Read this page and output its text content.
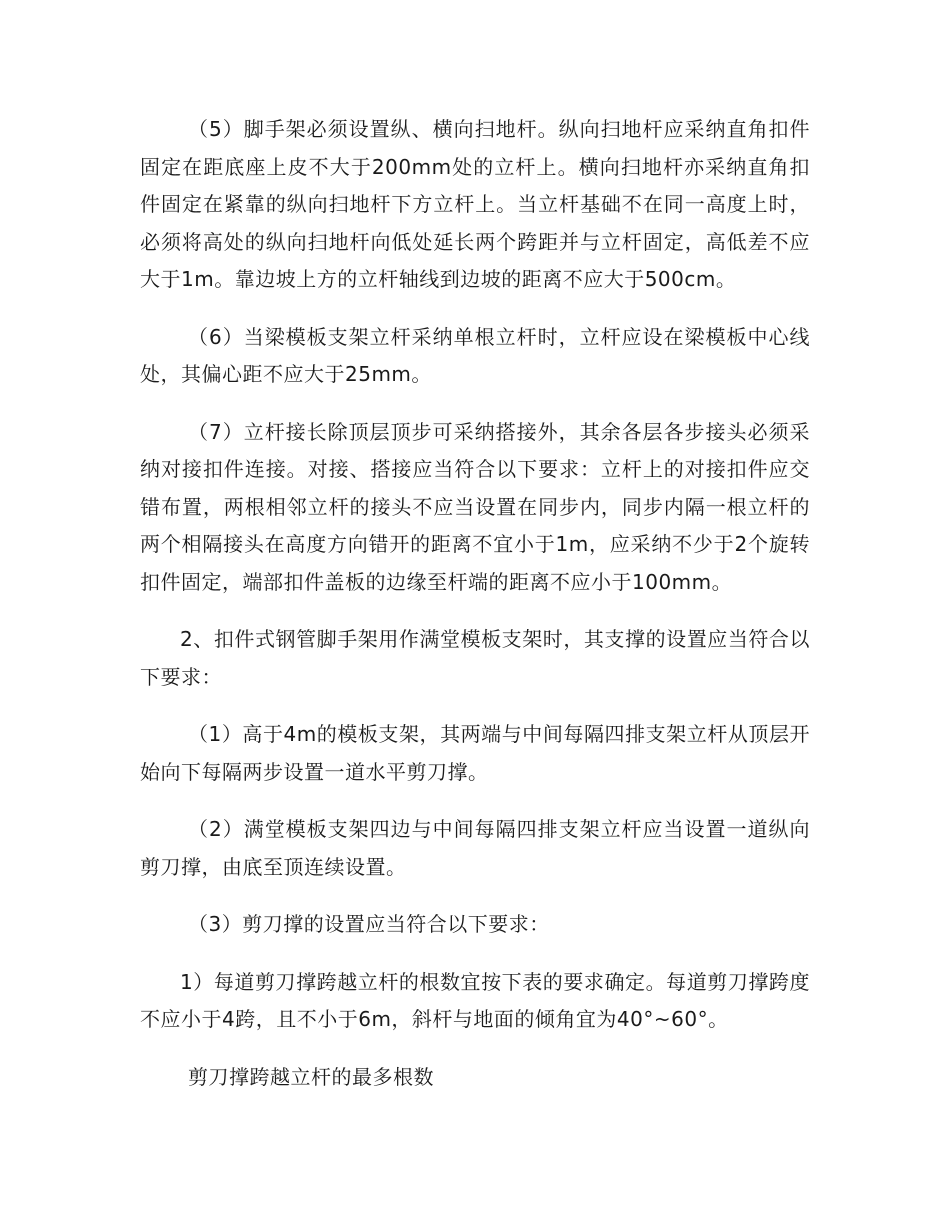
（5）脚手架必须设置纵、横向扫地杆。纵向扫地杆应采纳直角扣件固定在距底座上皮不大于200mm处的立杆上。横向扫地杆亦采纳直角扣件固定在紧靠的纵向扫地杆下方立杆上。当立杆基础不在同一高度上时，必须将高处的纵向扫地杆向低处延长两个跨距并与立杆固定，高低差不应大于1m。靠边坡上方的立杆轴线到边坡的距离不应大于500cm。

（6）当梁模板支架立杆采纳单根立杆时，立杆应设在梁模板中心线处，其偏心距不应大于25mm。

（7）立杆接长除顶层顶步可采纳搭接外，其余各层各步接头必须采纳对接扣件连接。对接、搭接应当符合以下要求：立杆上的对接扣件应交错布置，两根相邻立杆的接头不应当设置在同步内，同步内隔一根立杆的两个相隔接头在高度方向错开的距离不宜小于1m，应采纳不少于2个旋转扣件固定，端部扣件盖板的边缘至杆端的距离不应小于100mm。

2、扣件式钢管脚手架用作满堂模板支架时，其支撑的设置应当符合以下要求：

（1）高于4m的模板支架，其两端与中间每隔四排支架立杆从顶层开始向下每隔两步设置一道水平剪刀撑。

（2）满堂模板支架四边与中间每隔四排支架立杆应当设置一道纵向剪刀撑，由底至顶连续设置。

（3）剪刀撑的设置应当符合以下要求：

1）每道剪刀撑跨越立杆的根数宜按下表的要求确定。每道剪刀撑跨度不应小于4跨，且不小于6m，斜杆与地面的倾角宜为40°~60°。

剪刀撑跨越立杆的最多根数
